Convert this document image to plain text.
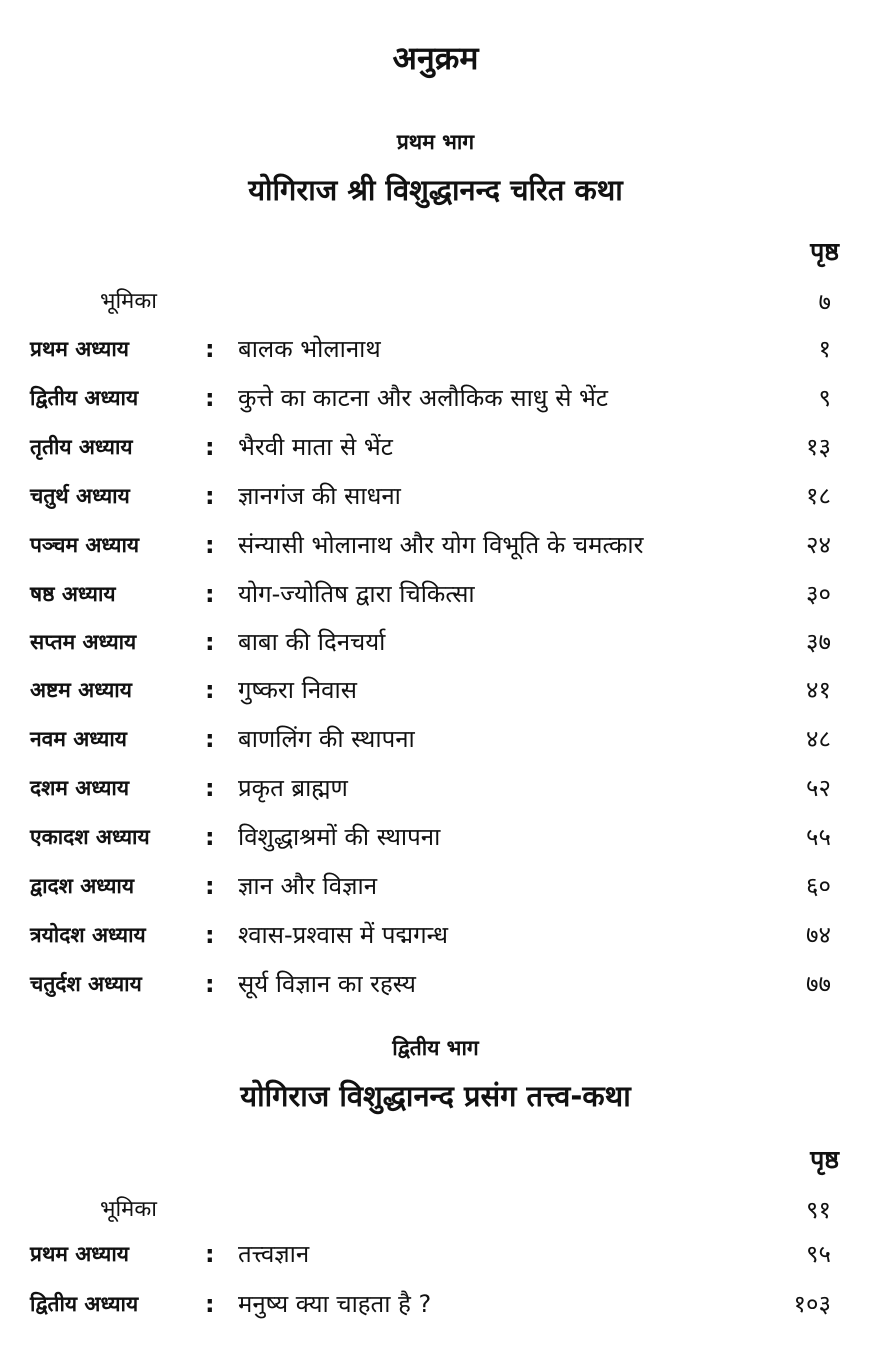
अनुक्रम
प्रथम भाग
योगिराज श्री विशुद्धानन्द चरित कथा
पृष्ठ
भूमिका	७
प्रथम अध्याय	: बालक भोलानाथ	१
द्वितीय अध्याय	: कुत्ते का काटना और अलौकिक साधु से भेंट	९
तृतीय अध्याय	: भैरवी माता से भेंट	१३
चतुर्थ अध्याय	: ज्ञानगंज की साधना	१८
पञ्चम अध्याय	: संन्यासी भोलानाथ और योग विभूति के चमत्कार	२४
षष्ठ अध्याय	: योग-ज्योतिष द्वारा चिकित्सा	३०
सप्तम अध्याय	: बाबा की दिनचर्या	३७
अष्टम अध्याय	: गुष्करा निवास	४१
नवम अध्याय	: बाणलिंग की स्थापना	४८
दशम अध्याय	: प्रकृत ब्राह्मण	५२
एकादश अध्याय : विशुद्धाश्रमों की स्थापना	५५
द्वादश अध्याय	: ज्ञान और विज्ञान	६०
त्रयोदश अध्याय : श्वास-प्रश्वास में पद्मगन्ध	७४
चतुर्दश अध्याय	: सूर्य विज्ञान का रहस्य	७७
द्वितीय भाग
योगिराज विशुद्धानन्द प्रसंग तत्त्व-कथा
पृष्ठ
भूमिका	९१
प्रथम अध्याय	: तत्त्वज्ञान	९५
द्वितीय अध्याय	: मनुष्य क्या चाहता है ?	१०३
